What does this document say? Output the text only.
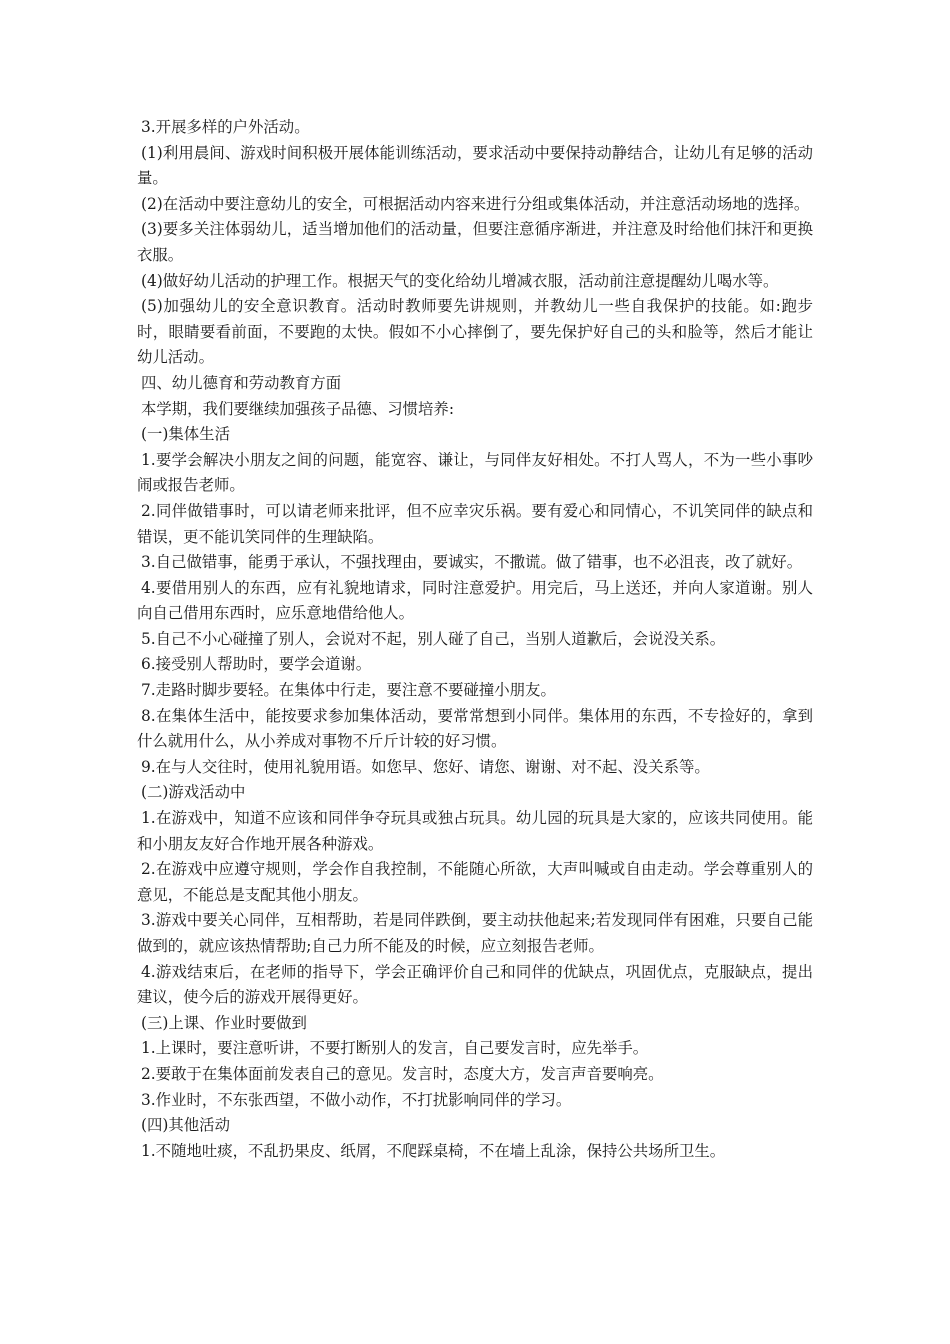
3.开展多样的户外活动。

(1)利用晨间、游戏时间积极开展体能训练活动，要求活动中要保持动静结合，让幼儿有足够的活动量。

(2)在活动中要注意幼儿的安全，可根据活动内容来进行分组或集体活动，并注意活动场地的选择。

(3)要多关注体弱幼儿，适当增加他们的活动量，但要注意循序渐进，并注意及时给他们抹汗和更换衣服。

(4)做好幼儿活动的护理工作。根据天气的变化给幼儿增减衣服，活动前注意提醒幼儿喝水等。

(5)加强幼儿的安全意识教育。活动时教师要先讲规则，并教幼儿一些自我保护的技能。如:跑步时，眼睛要看前面，不要跑的太快。假如不小心摔倒了，要先保护好自己的头和脸等，然后才能让幼儿活动。

四、幼儿德育和劳动教育方面

本学期，我们要继续加强孩子品德、习惯培养:

(一)集体生活

1.要学会解决小朋友之间的问题，能宽容、谦让，与同伴友好相处。不打人骂人，不为一些小事吵闹或报告老师。

2.同伴做错事时，可以请老师来批评，但不应幸灾乐祸。要有爱心和同情心，不讥笑同伴的缺点和错误，更不能讥笑同伴的生理缺陷。

3.自己做错事，能勇于承认，不强找理由，要诚实，不撒谎。做了错事，也不必沮丧，改了就好。

4.要借用别人的东西，应有礼貌地请求，同时注意爱护。用完后，马上送还，并向人家道谢。别人向自己借用东西时，应乐意地借给他人。

5.自己不小心碰撞了别人，会说对不起，别人碰了自己，当别人道歉后，会说没关系。

6.接受别人帮助时，要学会道谢。

7.走路时脚步要轻。在集体中行走，要注意不要碰撞小朋友。

8.在集体生活中，能按要求参加集体活动，要常常想到小同伴。集体用的东西，不专捡好的，拿到什么就用什么，从小养成对事物不斤斤计较的好习惯。

9.在与人交往时，使用礼貌用语。如您早、您好、请您、谢谢、对不起、没关系等。

(二)游戏活动中

1.在游戏中，知道不应该和同伴争夺玩具或独占玩具。幼儿园的玩具是大家的，应该共同使用。能和小朋友友好合作地开展各种游戏。

2.在游戏中应遵守规则，学会作自我控制，不能随心所欲，大声叫喊或自由走动。学会尊重别人的意见，不能总是支配其他小朋友。

3.游戏中要关心同伴，互相帮助，若是同伴跌倒，要主动扶他起来;若发现同伴有困难，只要自己能做到的，就应该热情帮助;自己力所不能及的时候，应立刻报告老师。

4.游戏结束后，在老师的指导下，学会正确评价自己和同伴的优缺点，巩固优点，克服缺点，提出建议，使今后的游戏开展得更好。

(三)上课、作业时要做到

1.上课时，要注意听讲，不要打断别人的发言，自己要发言时，应先举手。

2.要敢于在集体面前发表自己的意见。发言时，态度大方，发言声音要响亮。

3.作业时，不东张西望，不做小动作，不打扰影响同伴的学习。

(四)其他活动

1.不随地吐痰，不乱扔果皮、纸屑，不爬踩桌椅，不在墙上乱涂，保持公共场所卫生。
